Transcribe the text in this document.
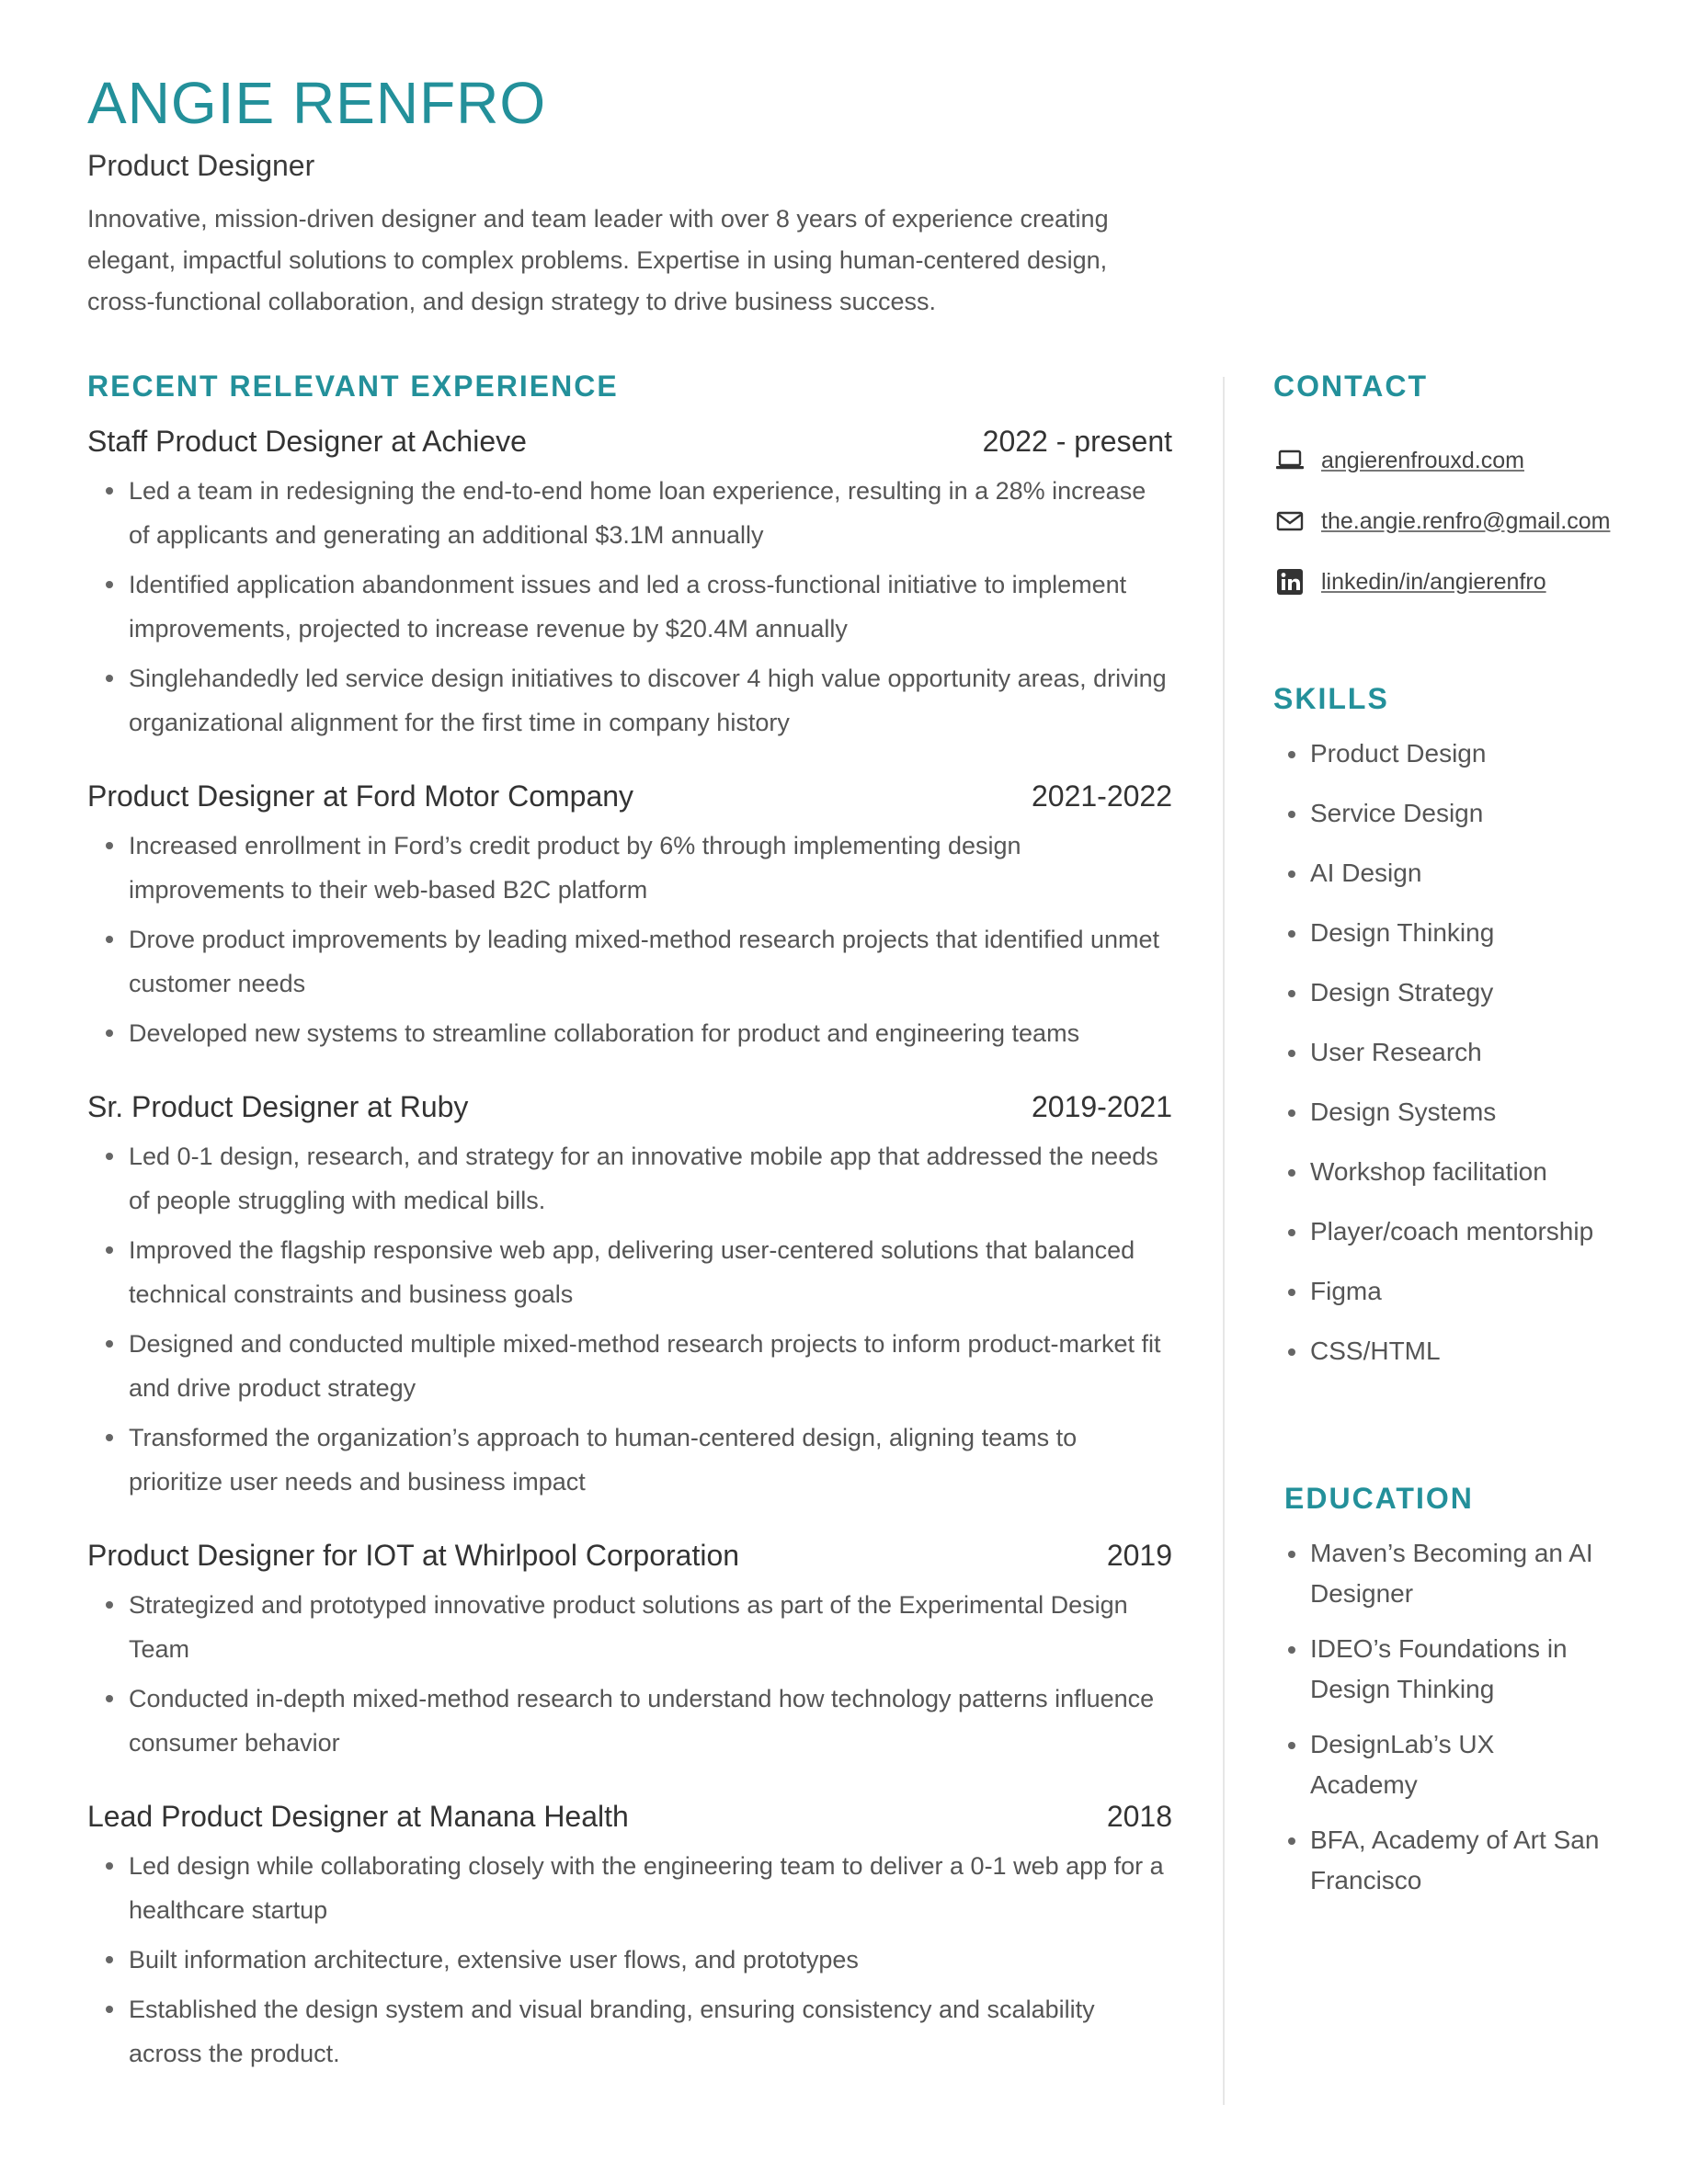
ANGIE RENFRO
Product Designer

Innovative, mission-driven designer and team leader with over 8 years of experience creating elegant, impactful solutions to complex problems. Expertise in using human-centered design, cross-functional collaboration, and design strategy to drive business success.

RECENT RELEVANT EXPERIENCE
Staff Product Designer at Achieve	2022 - present
Led a team in redesigning the end-to-end home loan experience, resulting in a 28% increase of applicants and generating an additional $3.1M annually
Identified application abandonment issues and led a cross-functional initiative to implement improvements, projected to increase revenue by $20.4M annually
Singlehandedly led service design initiatives to discover 4 high value opportunity areas, driving organizational alignment for the first time in company history
Product Designer at Ford Motor Company	2021-2022
Increased enrollment in Ford’s credit product by 6% through implementing design improvements to their web-based B2C platform
Drove product improvements by leading mixed-method research projects that identified unmet customer needs
Developed new systems to streamline collaboration for product and engineering teams
Sr. Product Designer at Ruby	2019-2021
Led 0-1 design, research, and strategy for an innovative mobile app that addressed the needs of people struggling with medical bills.
Improved the flagship responsive web app, delivering user-centered solutions that balanced technical constraints and business goals
Designed and conducted multiple mixed-method research projects to inform product-market fit and drive product strategy
Transformed the organization’s approach to human-centered design, aligning teams to prioritize user needs and business impact
Product Designer for IOT at Whirlpool Corporation	2019
Strategized and prototyped innovative product solutions as part of the Experimental Design Team
Conducted in-depth mixed-method research to understand how technology patterns influence consumer behavior
Lead Product Designer at Manana Health	2018
Led design while collaborating closely with the engineering team to deliver a 0-1 web app for a healthcare startup
Built information architecture, extensive user flows, and prototypes
Established the design system and visual branding, ensuring consistency and scalability across the product.
CONTACT
angierenfrouxd.com
the.angie.renfro@gmail.com
linkedin/in/angierenfro
SKILLS
Product Design
Service Design
AI Design
Design Thinking
Design Strategy
User Research
Design Systems
Workshop facilitation
Player/coach mentorship
Figma
CSS/HTML
EDUCATION
Maven’s Becoming an AI Designer
IDEO’s Foundations in Design Thinking
DesignLab’s UX Academy
BFA, Academy of Art San Francisco
